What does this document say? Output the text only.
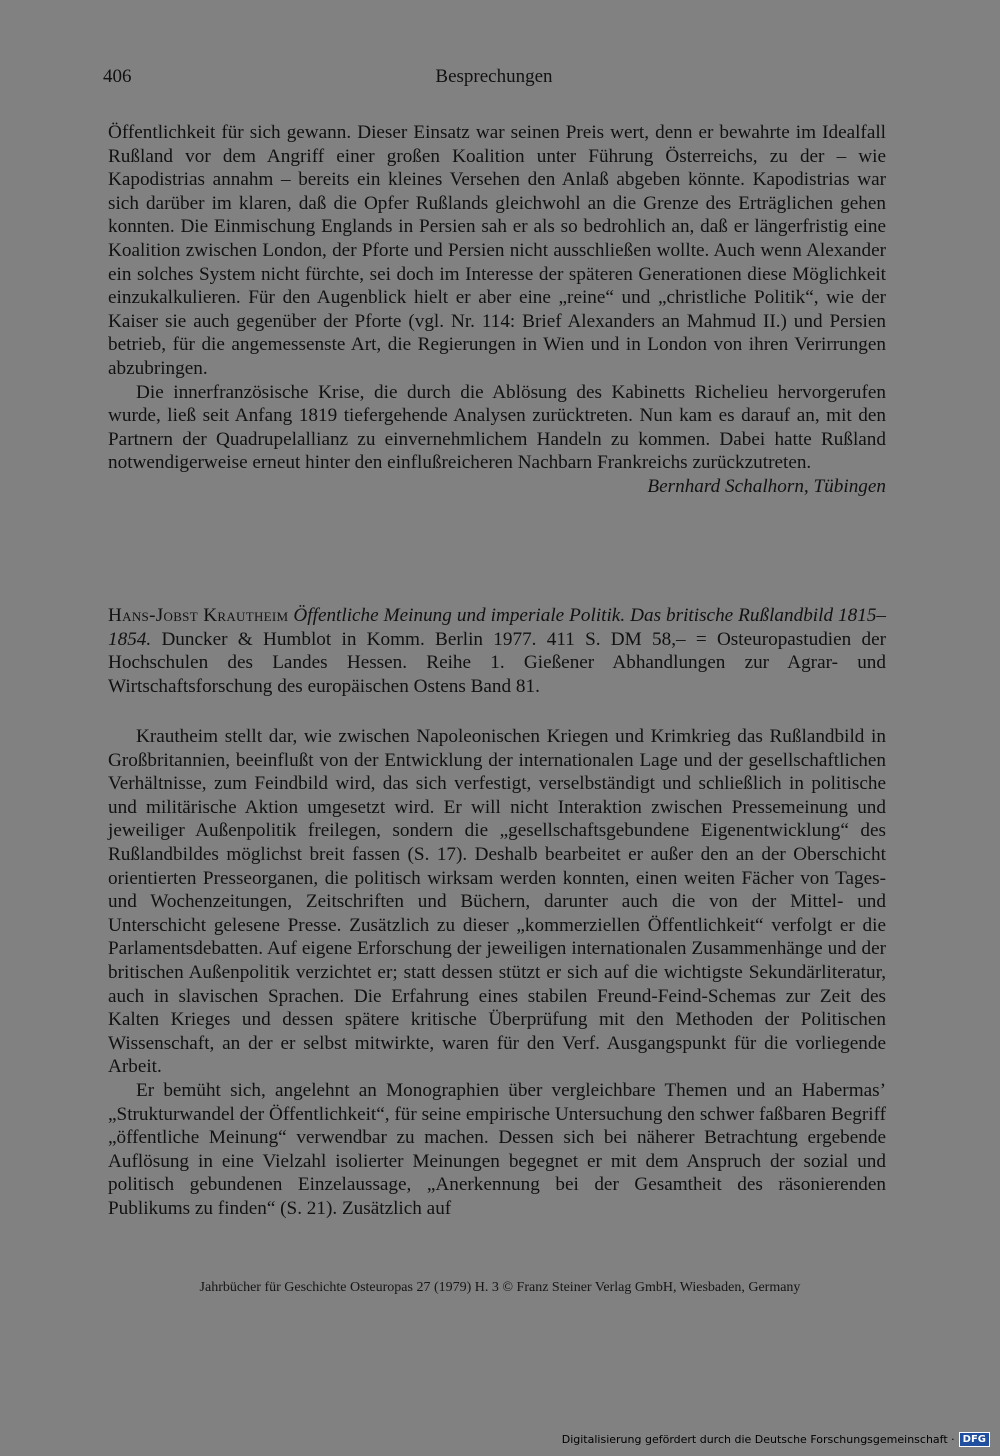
406	Besprechungen

Öffentlichkeit für sich gewann. Dieser Einsatz war seinen Preis wert, denn er bewahrte im Idealfall Rußland vor dem Angriff einer großen Koalition unter Führung Österreichs, zu der – wie Kapodistrias annahm – bereits ein kleines Versehen den Anlaß abgeben könnte. Kapodistrias war sich darüber im klaren, daß die Opfer Rußlands gleichwohl an die Grenze des Erträglichen gehen konnten. Die Einmischung Englands in Persien sah er als so bedrohlich an, daß er längerfristig eine Koalition zwischen London, der Pforte und Persien nicht ausschließen wollte. Auch wenn Alexander ein solches System nicht fürchte, sei doch im Interesse der späteren Generationen diese Möglichkeit einzukalkulieren. Für den Augenblick hielt er aber eine „reine“ und „christliche Politik“, wie der Kaiser sie auch gegenüber der Pforte (vgl. Nr. 114: Brief Alexanders an Mahmud II.) und Persien betrieb, für die angemessenste Art, die Regierungen in Wien und in London von ihren Verirrungen abzubringen.

Die innerfranzösische Krise, die durch die Ablösung des Kabinetts Richelieu hervorgerufen wurde, ließ seit Anfang 1819 tiefergehende Analysen zurücktreten. Nun kam es darauf an, mit den Partnern der Quadrupelallianz zu einvernehmlichem Handeln zu kommen. Dabei hatte Rußland notwendigerweise erneut hinter den einflußreicheren Nachbarn Frankreichs zurückzutreten.

Bernhard Schalhorn, Tübingen

Hans-Jobst Krautheim Öffentliche Meinung und imperiale Politik. Das britische Rußlandbild 1815–1854. Duncker & Humblot in Komm. Berlin 1977. 411 S. DM 58,– = Osteuropastudien der Hochschulen des Landes Hessen. Reihe 1. Gießener Abhandlungen zur Agrar- und Wirtschaftsforschung des europäischen Ostens Band 81.

Krautheim stellt dar, wie zwischen Napoleonischen Kriegen und Krimkrieg das Rußlandbild in Großbritannien, beeinflußt von der Entwicklung der internationalen Lage und der gesellschaftlichen Verhältnisse, zum Feindbild wird, das sich verfestigt, verselbständigt und schließlich in politische und militärische Aktion umgesetzt wird. Er will nicht Interaktion zwischen Pressemeinung und jeweiliger Außenpolitik freilegen, sondern die „gesellschaftsgebundene Eigenentwicklung“ des Rußlandbildes möglichst breit fassen (S. 17). Deshalb bearbeitet er außer den an der Oberschicht orientierten Presseorganen, die politisch wirksam werden konnten, einen weiten Fächer von Tages- und Wochenzeitungen, Zeitschriften und Büchern, darunter auch die von der Mittel- und Unterschicht gelesene Presse. Zusätzlich zu dieser „kommerziellen Öffentlichkeit“ verfolgt er die Parlamentsdebatten. Auf eigene Erforschung der jeweiligen internationalen Zusammenhänge und der britischen Außenpolitik verzichtet er; statt dessen stützt er sich auf die wichtigste Sekundärliteratur, auch in slavischen Sprachen. Die Erfahrung eines stabilen Freund-Feind-Schemas zur Zeit des Kalten Krieges und dessen spätere kritische Überprüfung mit den Methoden der Politischen Wissenschaft, an der er selbst mitwirkte, waren für den Verf. Ausgangspunkt für die vorliegende Arbeit.

Er bemüht sich, angelehnt an Monographien über vergleichbare Themen und an Habermas’ „Strukturwandel der Öffentlichkeit“, für seine empirische Untersuchung den schwer faßbaren Begriff „öffentliche Meinung“ verwendbar zu machen. Dessen sich bei näherer Betrachtung ergebende Auflösung in eine Vielzahl isolierter Meinungen begegnet er mit dem Anspruch der sozial und politisch gebundenen Einzelaussage, „Anerkennung bei der Gesamtheit des räsonierenden Publikums zu finden“ (S. 21). Zusätzlich auf

Jahrbücher für Geschichte Osteuropas 27 (1979) H. 3 © Franz Steiner Verlag GmbH, Wiesbaden, Germany
Digitalisierung gefördert durch die Deutsche Forschungsgemeinschaft · DFG
